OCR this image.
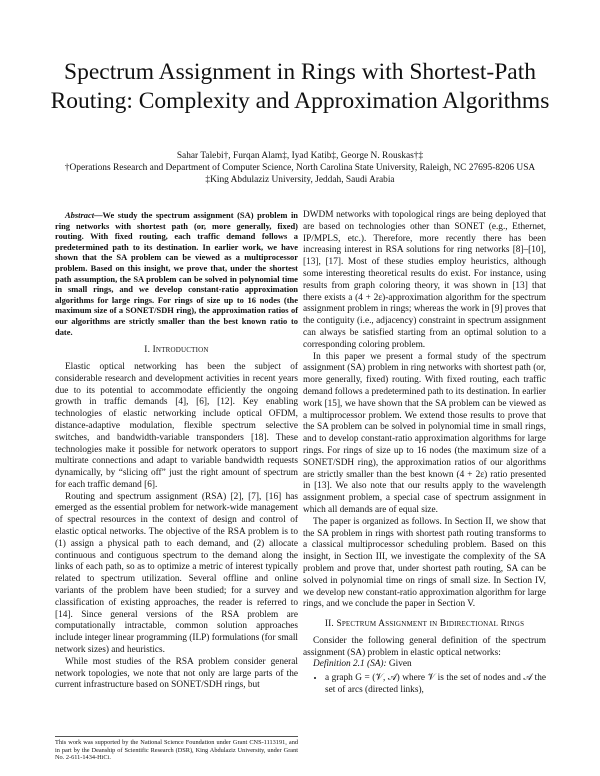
Spectrum Assignment in Rings with Shortest-Path Routing: Complexity and Approximation Algorithms
Sahar Talebi†, Furqan Alam‡, Iyad Katib‡, George N. Rouskas†‡
†Operations Research and Department of Computer Science, North Carolina State University, Raleigh, NC 27695-8206 USA
‡King Abdulaziz University, Jeddah, Saudi Arabia

Abstract—We study the spectrum assignment (SA) problem in ring networks with shortest path (or, more generally, fixed) routing. With fixed routing, each traffic demand follows a predetermined path to its destination. In earlier work, we have shown that the SA problem can be viewed as a multiprocessor problem. Based on this insight, we prove that, under the shortest path assumption, the SA problem can be solved in polynomial time in small rings, and we develop constant-ratio approximation algorithms for large rings. For rings of size up to 16 nodes (the maximum size of a SONET/SDH ring), the approximation ratios of our algorithms are strictly smaller than the best known ratio to date.

I. Introduction

Elastic optical networking has been the subject of considerable research and development activities in recent years due to its potential to accommodate efficiently the ongoing growth in traffic demands [4], [6], [12]. Key enabling technologies of elastic networking include optical OFDM, distance-adaptive modulation, flexible spectrum selective switches, and bandwidth-variable transponders [18]. These technologies make it possible for network operators to support multirate connections and adapt to variable bandwidth requests dynamically, by “slicing off” just the right amount of spectrum for each traffic demand [6].

Routing and spectrum assignment (RSA) [2], [7], [16] has emerged as the essential problem for network-wide management of spectral resources in the context of design and control of elastic optical networks. The objective of the RSA problem is to (1) assign a physical path to each demand, and (2) allocate continuous and contiguous spectrum to the demand along the links of each path, so as to optimize a metric of interest typically related to spectrum utilization. Several offline and online variants of the problem have been studied; for a survey and classification of existing approaches, the reader is referred to [14]. Since general versions of the RSA problem are computationally intractable, common solution approaches include integer linear programming (ILP) formulations (for small network sizes) and heuristics.

While most studies of the RSA problem consider general network topologies, we note that not only are large parts of the current infrastructure based on SONET/SDH rings, but

DWDM networks with topological rings are being deployed that are based on technologies other than SONET (e.g., Ethernet, IP/MPLS, etc.). Therefore, more recently there has been increasing interest in RSA solutions for ring networks [8]–[10], [13], [17]. Most of these studies employ heuristics, although some interesting theoretical results do exist. For instance, using results from graph coloring theory, it was shown in [13] that there exists a (4 + 2ε)-approximation algorithm for the spectrum assignment problem in rings; whereas the work in [9] proves that the contiguity (i.e., adjacency) constraint in spectrum assignment can always be satisfied starting from an optimal solution to a corresponding coloring problem.

In this paper we present a formal study of the spectrum assignment (SA) problem in ring networks with shortest path (or, more generally, fixed) routing. With fixed routing, each traffic demand follows a predetermined path to its destination. In earlier work [15], we have shown that the SA problem can be viewed as a multiprocessor problem. We extend those results to prove that the SA problem can be solved in polynomial time in small rings, and to develop constant-ratio approximation algorithms for large rings. For rings of size up to 16 nodes (the maximum size of a SONET/SDH ring), the approximation ratios of our algorithms are strictly smaller than the best known (4 + 2ε) ratio presented in [13]. We also note that our results apply to the wavelength assignment problem, a special case of spectrum assignment in which all demands are of equal size.

The paper is organized as follows. In Section II, we show that the SA problem in rings with shortest path routing transforms to a classical multiprocessor scheduling problem. Based on this insight, in Section III, we investigate the complexity of the SA problem and prove that, under shortest path routing, SA can be solved in polynomial time on rings of small size. In Section IV, we develop new constant-ratio approximation algorithm for large rings, and we conclude the paper in Section V.

II. Spectrum Assignment in Bidirectional Rings

Consider the following general definition of the spectrum assignment (SA) problem in elastic optical networks:

Definition 2.1 (SA): Given

• a graph G = (𝒱, 𝒜) where 𝒱 is the set of nodes and 𝒜 the set of arcs (directed links),
This work was supported by the National Science Foundation under Grant CNS-1113191, and in part by the Deanship of Scientific Research (DSR), King Abdulaziz University, under Grant No. 2-611-1434-HiCi.
